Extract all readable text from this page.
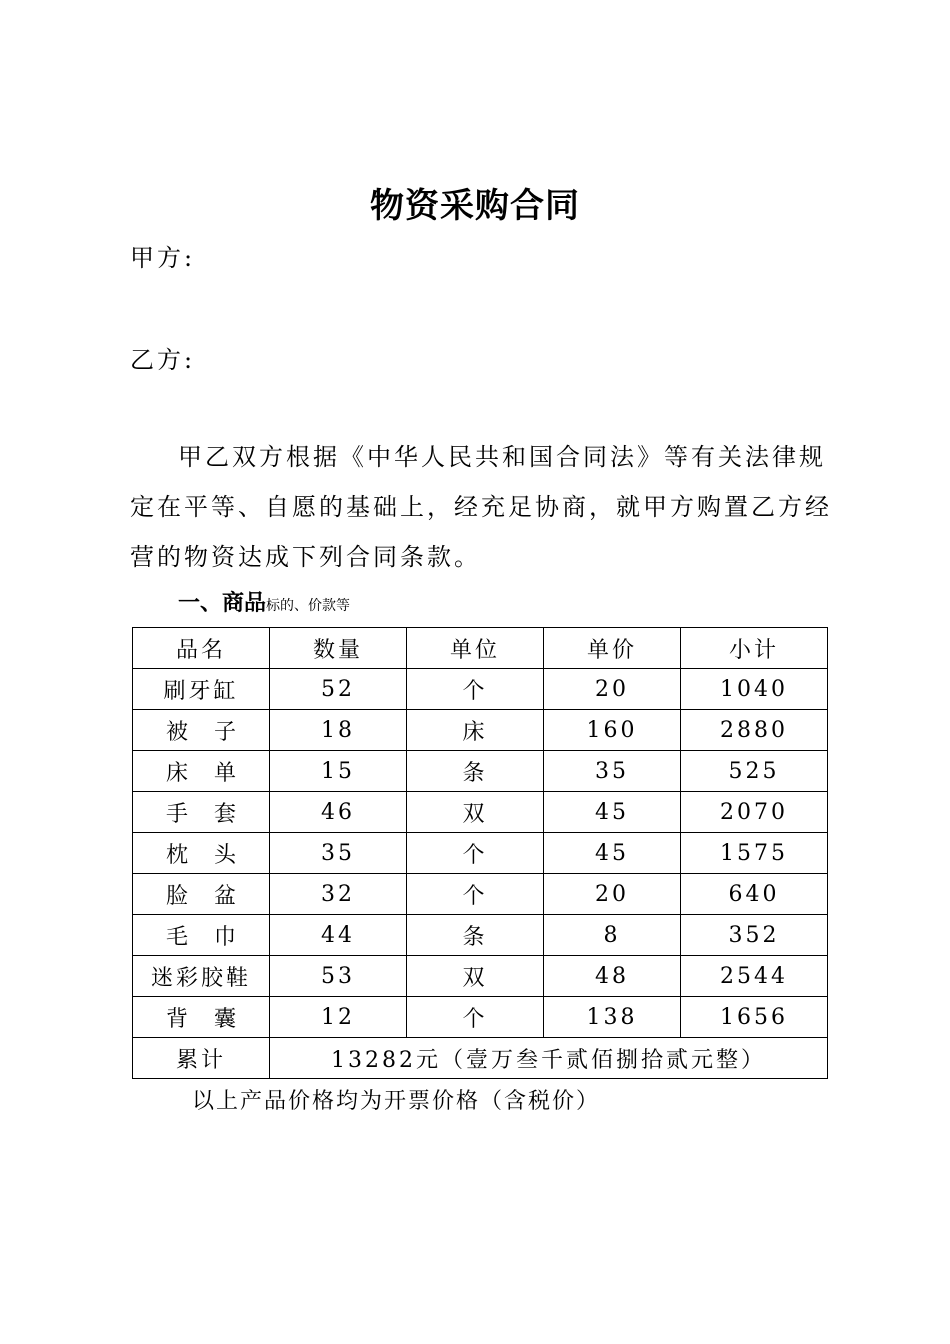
物资采购合同
甲方:
乙方:

甲乙双方根据《中华人民共和国合同法》等有关法律规定在平等、自愿的基础上，经充足协商，就甲方购置乙方经营的物资达成下列合同条款。

一、商品标的、价款等
品名	数量	单位	单价	小计
刷牙缸	52	个	20	1040
被子	18	床	160	2880
床单	15	条	35	525
手套	46	双	45	2070
枕头	35	个	45	1575
脸盆	32	个	20	640
毛巾	44	条	8	352
迷彩胶鞋	53	双	48	2544
背囊	12	个	138	1656
累计	13282元（壹万叁千贰佰捌拾贰元整）			
以上产品价格均为开票价格（含税价）
